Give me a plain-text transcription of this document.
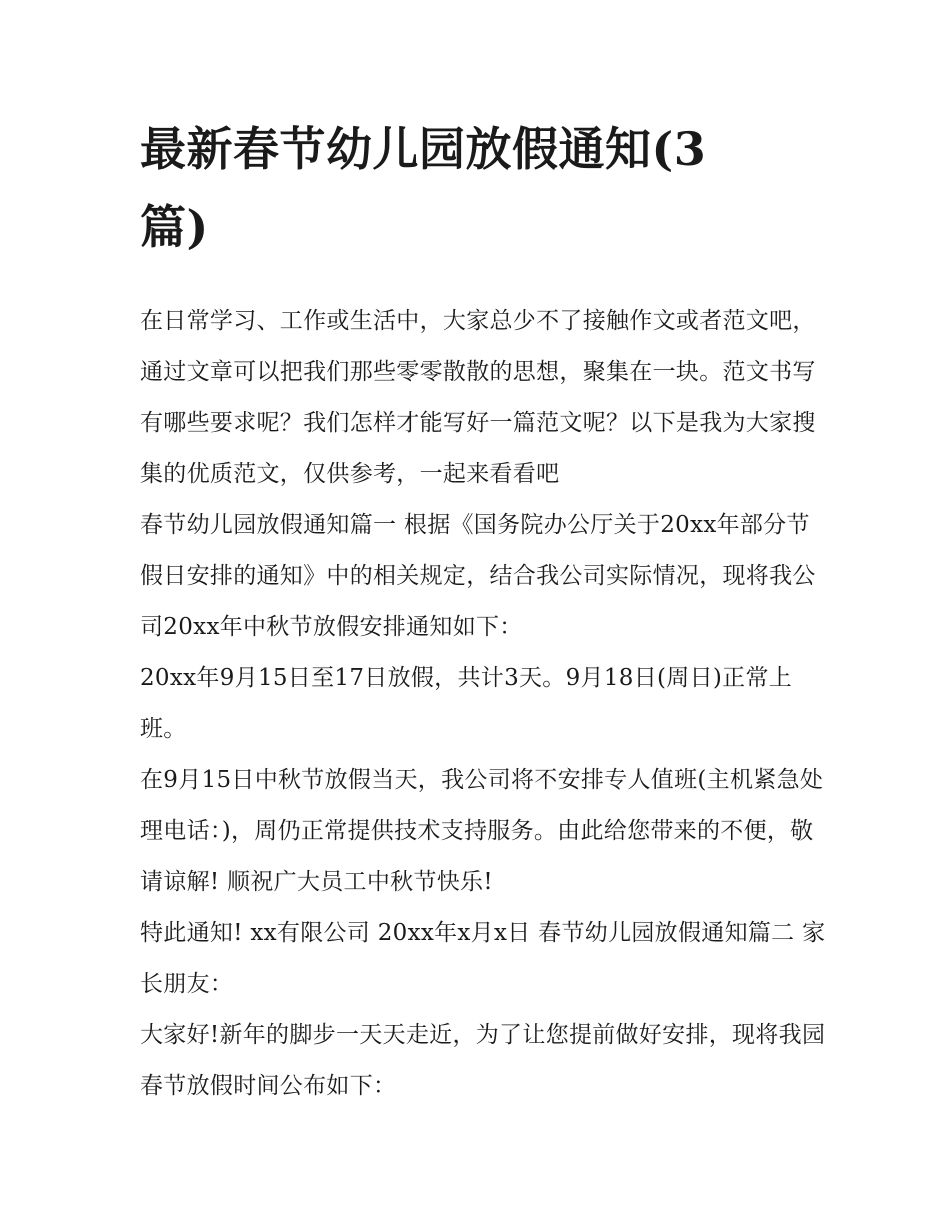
最新春节幼儿园放假通知(3篇)

在日常学习、工作或生活中，大家总少不了接触作文或者范文吧，通过文章可以把我们那些零零散散的思想，聚集在一块。范文书写有哪些要求呢？我们怎样才能写好一篇范文呢？以下是我为大家搜集的优质范文，仅供参考，一起来看看吧

春节幼儿园放假通知篇一 根据《国务院办公厅关于20xx年部分节假日安排的通知》中的相关规定，结合我公司实际情况，现将我公司20xx年中秋节放假安排通知如下：

20xx年9月15日至17日放假，共计3天。9月18日(周日)正常上班。

在9月15日中秋节放假当天，我公司将不安排专人值班(主机紧急处理电话：)，周仍正常提供技术支持服务。由此给您带来的不便，敬请谅解! 顺祝广大员工中秋节快乐!

特此通知! xx有限公司 20xx年x月x日 春节幼儿园放假通知篇二 家长朋友：

大家好!新年的脚步一天天走近，为了让您提前做好安排，现将我园春节放假时间公布如下：
